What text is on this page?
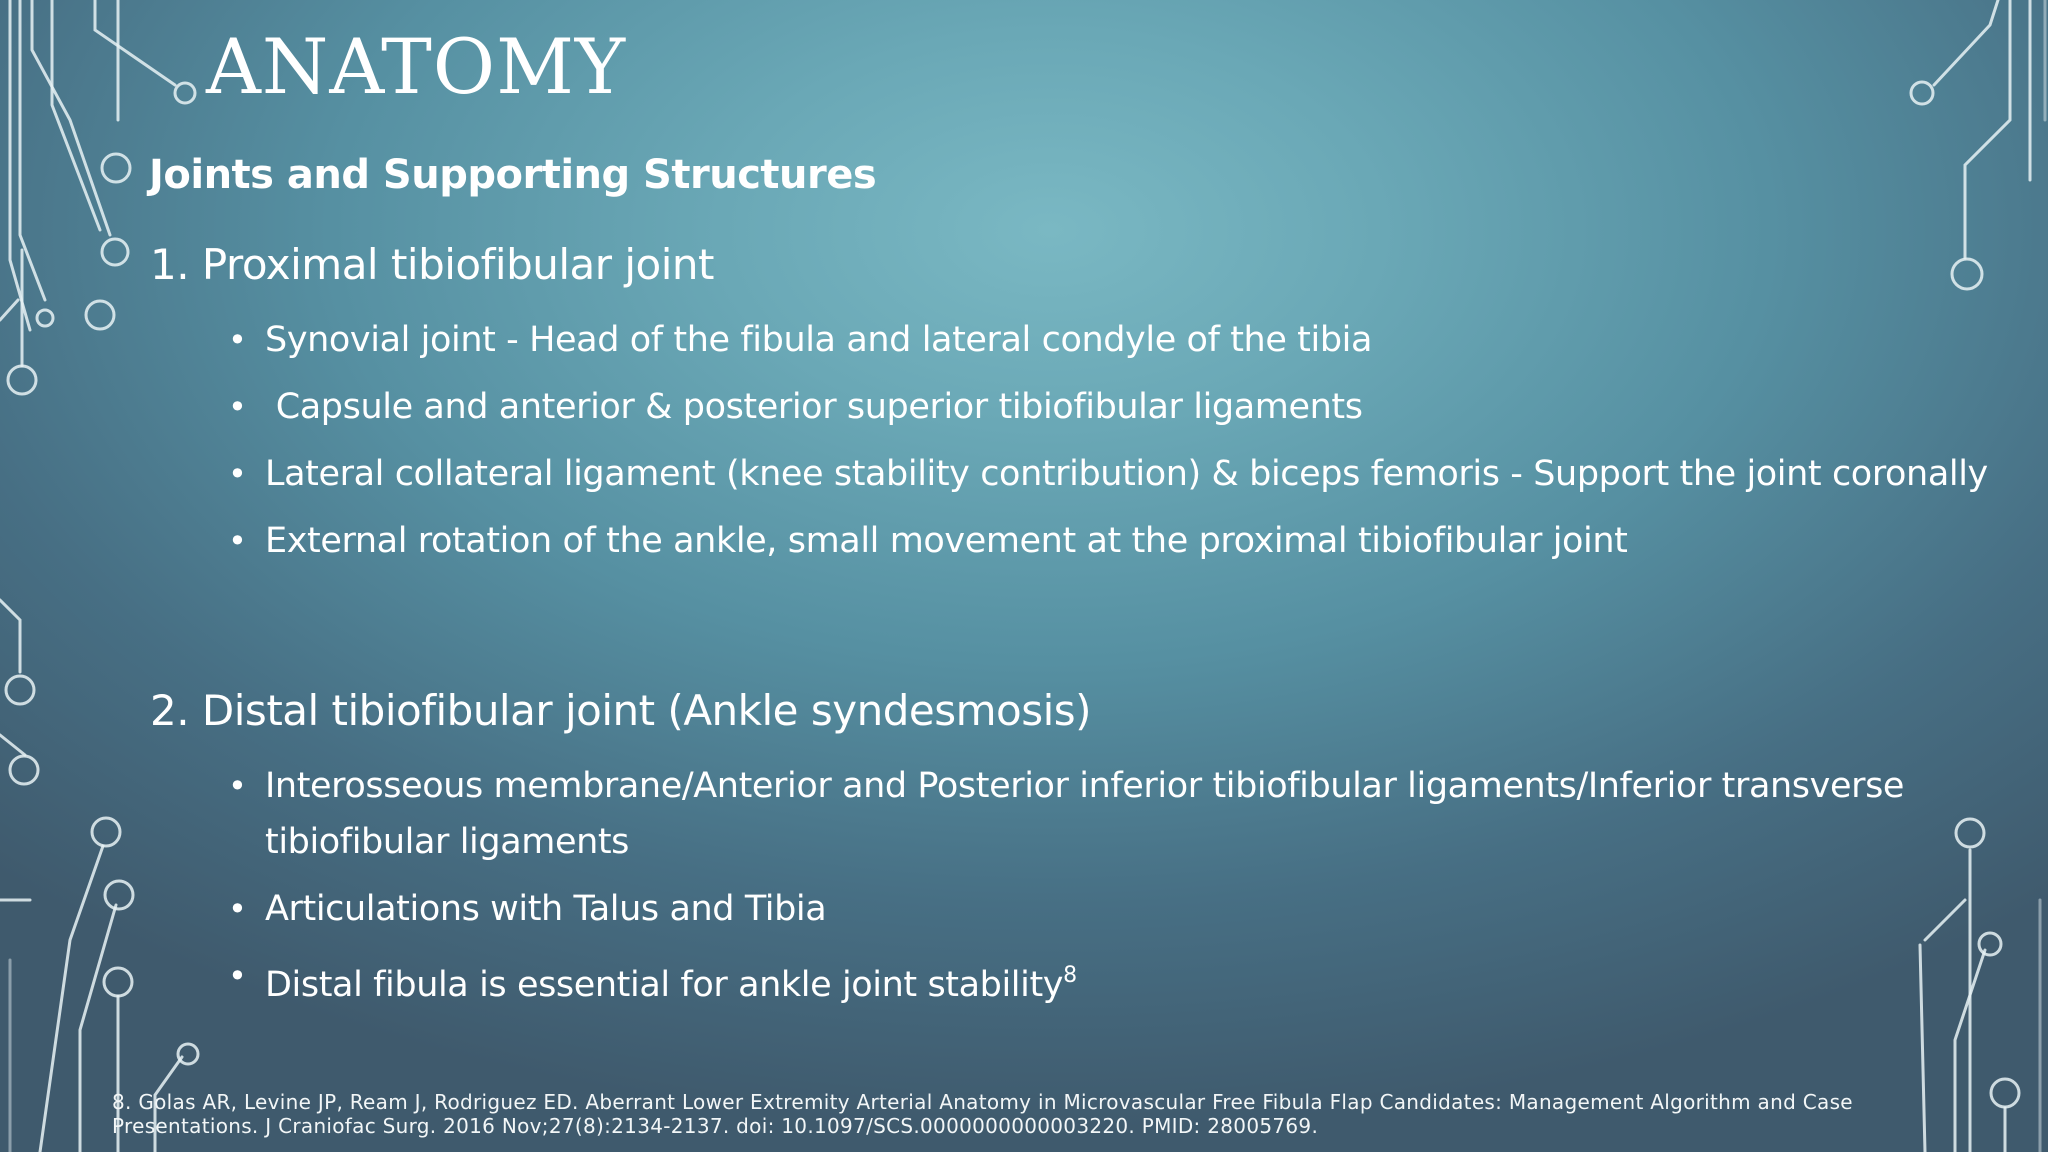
ANATOMY
Joints and Supporting Structures
1. Proximal tibiofibular joint
• Synovial joint - Head of the fibula and lateral condyle of the tibia
• Capsule and anterior & posterior superior tibiofibular ligaments
• Lateral collateral ligament (knee stability contribution) & biceps femoris - Support the joint coronally
• External rotation of the ankle, small movement at the proximal tibiofibular joint
2. Distal tibiofibular joint (Ankle syndesmosis)
• Interosseous membrane/Anterior and Posterior inferior tibiofibular ligaments/Inferior transverse tibiofibular ligaments
• Articulations with Talus and Tibia
• Distal fibula is essential for ankle joint stability$^8$

8. Golas AR, Levine JP, Ream J, Rodriguez ED. Aberrant Lower Extremity Arterial Anatomy in Microvascular Free Fibula Flap Candidates: Management Algorithm and Case Presentations. J Craniofac Surg. 2016 Nov;27(8):2134-2137. doi: 10.1097/SCS.0000000000003220. PMID: 28005769.
